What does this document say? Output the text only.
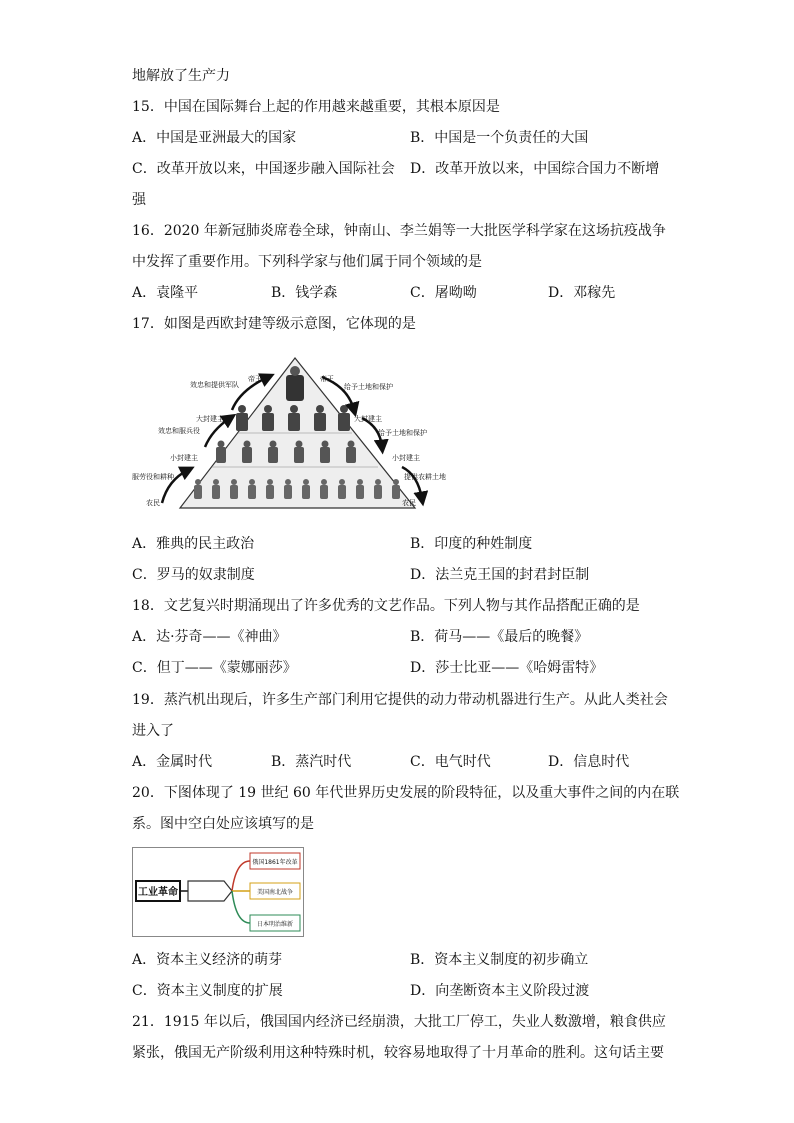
地解放了生产力
15．中国在国际舞台上起的作用越来越重要，其根本原因是
A．中国是亚洲最大的国家	B．中国是一个负责任的大国
C．改革开放以来，中国逐步融入国际社会 D．改革开放以来，中国综合国力不断增
强
16．2020 年新冠肺炎席卷全球，钟南山、李兰娟等一大批医学科学家在这场抗疫战争
中发挥了重要作用。下列科学家与他们属于同个领域的是
A．袁隆平	B．钱学森	C．屠呦呦	D．邓稼先
17．如图是西欧封建等级示意图，它体现的是
帝王
效忠和提供军队
大封建主
效忠和服兵役
小封建主
服劳役和耕种
农民
帝王
给予土地和保护
大封建主
给予土地和保护
小封建主
提供农耕土地
农民
A．雅典的民主政治	B．印度的种姓制度
C．罗马的奴隶制度	D．法兰克王国的封君封臣制
18．文艺复兴时期涌现出了许多优秀的文艺作品。下列人物与其作品搭配正确的是
A．达·芬奇——《神曲》	B．荷马——《最后的晚餐》
C．但丁——《蒙娜丽莎》	D．莎士比亚——《哈姆雷特》
19．蒸汽机出现后，许多生产部门利用它提供的动力带动机器进行生产。从此人类社会
进入了
A．金属时代	B．蒸汽时代	C．电气时代	D．信息时代
20．下图体现了 19 世纪 60 年代世界历史发展的阶段特征，以及重大事件之间的内在联
系。图中空白处应该填写的是
工业革命
俄国1861年改革
美国南北战争
日本明治维新
A．资本主义经济的萌芽	B．资本主义制度的初步确立
C．资本主义制度的扩展	D．向垄断资本主义阶段过渡
21．1915 年以后，俄国国内经济已经崩溃，大批工厂停工，失业人数激增，粮食供应
紧张，俄国无产阶级利用这种特殊时机，较容易地取得了十月革命的胜利。这句话主要
